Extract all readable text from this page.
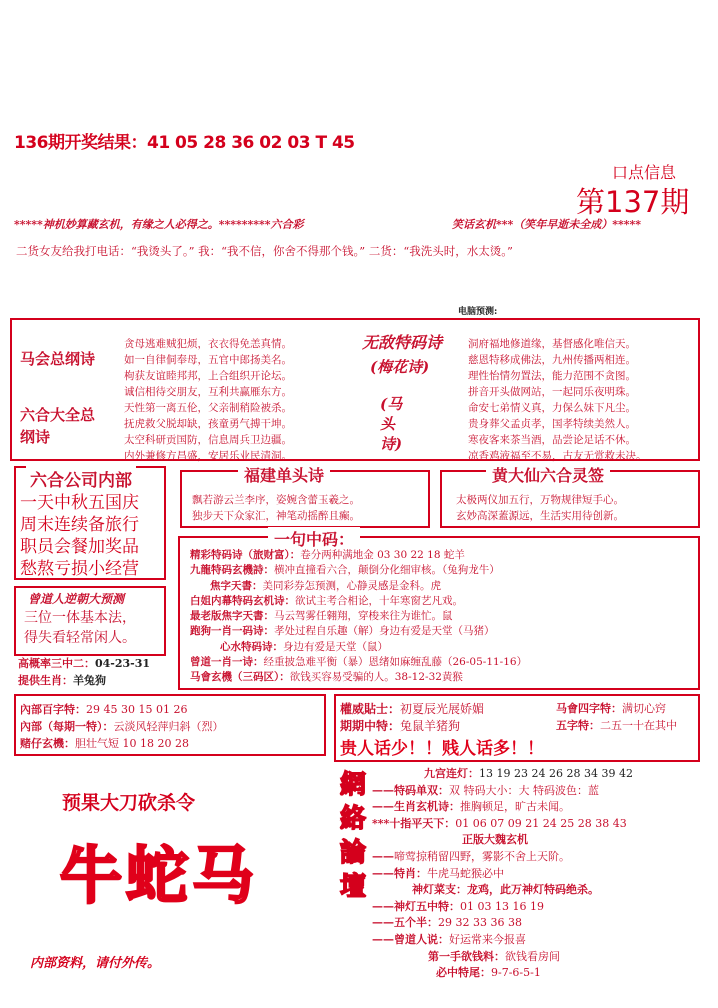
136期开奖结果：41 05 28 36 02 03 T 45
口点信息
第137期
*****神机妙算藏玄机，有缘之人必得之。*********六合彩	笑话玄机***（笑年早逝未全成）*****
二货女友给我打电话：“我烫头了。” 我：“我不信，你舍不得那个钱。” 二货：“我洗头时，水太烫。”
电脑预测:
马会总纲诗
六合大全总纲诗
贪母逃难贼犯烦，衣衣得免恙真情。
如一自律侗奉母，五官中郎扬美名。
枸获友谊睦邦邦，上合组织开论坛。
诚信相待交朋友，互利共赢雁东方。
天性第一离五伦，父亲制稍险被杀。
抚虎救父脱却缺，孩童勇气搏干坤。
太空科研贡国防，信息周兵卫边疆。
内外兼修方昌盛，安居乐业民清洞。
无敌特码诗
(梅花诗)
(马头诗)
洞府福地修道缘，基督感化唯信天。
慈恩特移成佛法，九州传播两相连。
理性怡情勿置法，能力范围不贪图。
拼音开头做网站，一起同乐夜明珠。
命安七弟情义真，力保么妹下凡尘。
贵身葬父孟贞孝，国孝特续美然人。
寒夜客来茶当酒，品尝论足话不休。
凉香鸡液福至不易，古友无赏救未决。
六合公司内部
一天中秋五国庆
周末连续备旅行
职员会餐加奖品
愁熬亏损小经营
福建单头诗
飘若游云兰李序，姿婉含蕾玉羲之。
独步天下众家汇，神笔动摇醉且癫。
黄大仙六合灵签
太极两仪加五行，万物规律短手心。
玄妙高深蓋源远，生活实用待创新。
曾道人逆朝大预测
三位一体基本法，
得失看轻常闲人。
高概率三中二：04-23-31
提供生肖：羊兔狗
一句中码：
精彩特码诗（旅财富）：卷分两种满地金 03 30 22 18 蛇羊
九龍特码玄機詩：横冲直撞看六合，颠倒分化细审核。（兔狗龙牛）
焦字天書：美同彩券怎预测，心静灵感是金科。虎
白姐内幕特码玄机诗：欲试主考合相论，十年寒窗艺凡戏。
最老版焦字天書：马云驾雾任翱翔，穿梭来往为谁忙。鼠
跑狗一肖一码诗：孝处过程自乐趣（解）身边有爱是天堂（马猪）
心水特码诗：身边有爱是天堂（鼠）
曾道一肖一诗：经重披急难平衡（暴）恩绪如麻缠乱藤（26-05-11-16）
马會玄機（三码区）：欲钱买容易受骗的人。38-12-32黄猴
內部百字特：29 45 30 15 01 26
內部（每期一特）：云淡风轻萍归斜（烈）
赌仔玄機：胆壮气短 10 18 20 28
權威貼士：初夏辰光展娇媚
期期中特：兔鼠羊猪狗
贵人话少！！贱人话多！！
马會四字特：满切心窍
五字特：二五一十在其中
预果大刀砍杀令
牛蛇马
内部资料，请付外传。
網絡論壇
九宫连灯：13 19 23 24 26 28 34 39 42
——特码单双：双 特码大小：大 特码波色：蓝
——生肖玄机诗：推胸顿足，旷古未闻。
***十指平天下：01 06 07 09 21 24 25 28 38 43
正版大魏玄机
——啼莺掠稍留四野，雾影不舍上天阶。
——特肖：牛虎马蛇猴必中
神灯菜支：龙鸡，此万神灯特码绝杀。
——神灯五中特：01 03 13 16 19
——五个半：29 32 33 36 38
——曾道人说：好运常来今报喜
第一手欲钱料：欲钱看房间
必中特尾：9-7-6-5-1
